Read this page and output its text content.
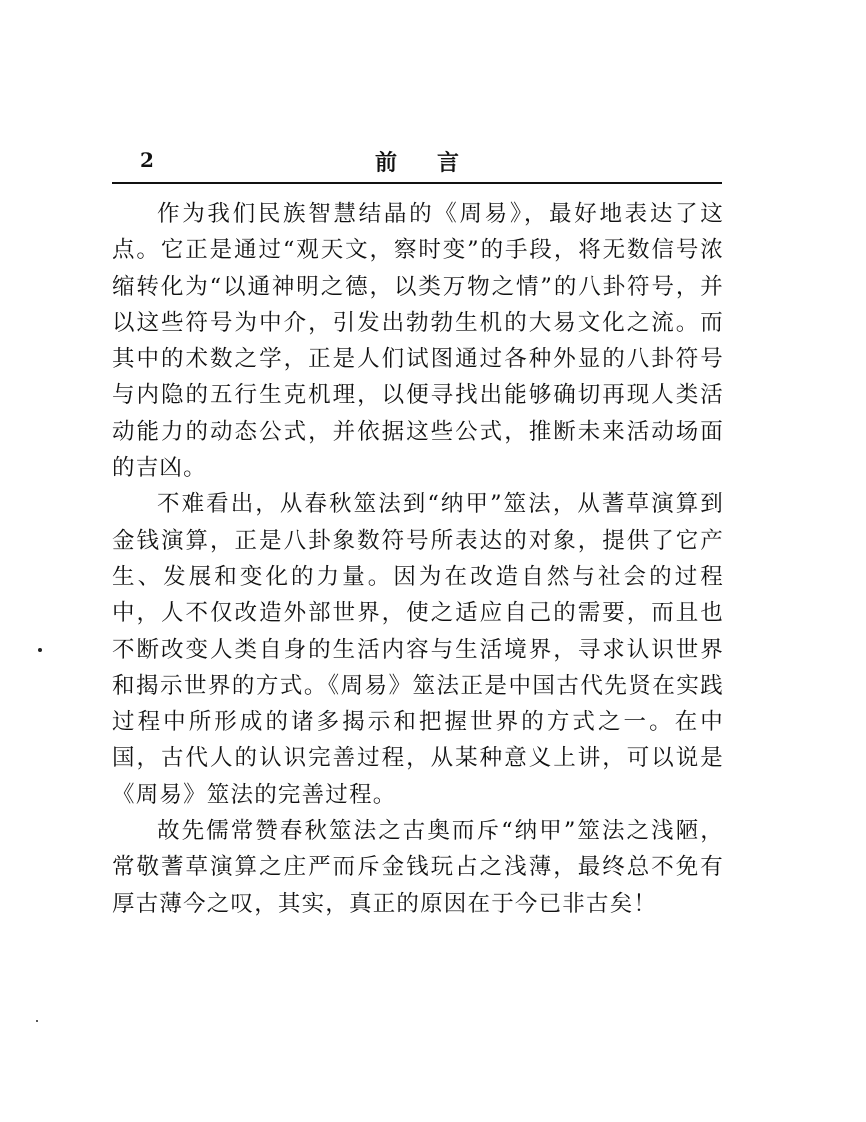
2	前言

作为我们民族智慧结晶的《周易》，最好地表达了这点。它正是通过“观天文，察时变”的手段，将无数信号浓缩转化为“以通神明之德，以类万物之情”的八卦符号，并以这些符号为中介，引发出勃勃生机的大易文化之流。而其中的术数之学，正是人们试图通过各种外显的八卦符号与内隐的五行生克机理，以便寻找出能够确切再现人类活动能力的动态公式，并依据这些公式，推断未来活动场面的吉凶。

不难看出，从春秋筮法到“纳甲”筮法，从蓍草演算到金钱演算，正是八卦象数符号所表达的对象，提供了它产生、发展和变化的力量。因为在改造自然与社会的过程中，人不仅改造外部世界，使之适应自己的需要，而且也不断改变人类自身的生活内容与生活境界，寻求认识世界和揭示世界的方式。《周易》筮法正是中国古代先贤在实践过程中所形成的诸多揭示和把握世界的方式之一。在中国，古代人的认识完善过程，从某种意义上讲，可以说是《周易》筮法的完善过程。

故先儒常赞春秋筮法之古奥而斥“纳甲”筮法之浅陋，常敬蓍草演算之庄严而斥金钱玩占之浅薄，最终总不免有厚古薄今之叹，其实，真正的原因在于今已非古矣！
